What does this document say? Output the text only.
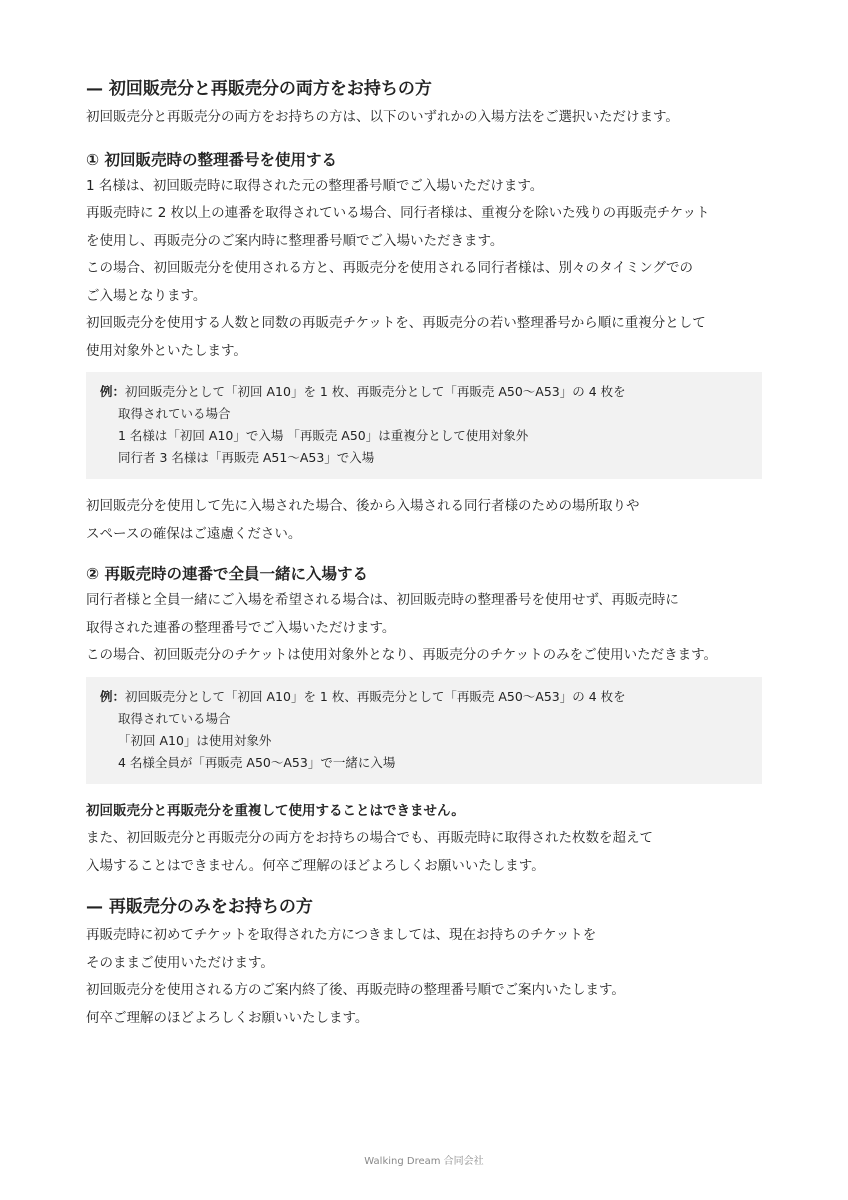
— 初回販売分と再販売分の両方をお持ちの方

初回販売分と再販売分の両方をお持ちの方は、以下のいずれかの入場方法をご選択いただけます。

① 初回販売時の整理番号を使用する

1 名様は、初回販売時に取得された元の整理番号順でご入場いただけます。

再販売時に 2 枚以上の連番を取得されている場合、同行者様は、重複分を除いた残りの再販売チケット

を使用し、再販売分のご案内時に整理番号順でご入場いただきます。

この場合、初回販売分を使用される方と、再販売分を使用される同行者様は、別々のタイミングでの

ご入場となります。

初回販売分を使用する人数と同数の再販売チケットを、再販売分の若い整理番号から順に重複分として

使用対象外といたします。

例：初回販売分として「初回 A10」を 1 枚、再販売分として「再販売 A50～A53」の 4 枚を

取得されている場合

1 名様は「初回 A10」で入場 「再販売 A50」は重複分として使用対象外

同行者 3 名様は「再販売 A51～A53」で入場

初回販売分を使用して先に入場された場合、後から入場される同行者様のための場所取りや

スペースの確保はご遠慮ください。

② 再販売時の連番で全員一緒に入場する

同行者様と全員一緒にご入場を希望される場合は、初回販売時の整理番号を使用せず、再販売時に

取得された連番の整理番号でご入場いただけます。

この場合、初回販売分のチケットは使用対象外となり、再販売分のチケットのみをご使用いただきます。

例：初回販売分として「初回 A10」を 1 枚、再販売分として「再販売 A50～A53」の 4 枚を

取得されている場合

「初回 A10」は使用対象外

4 名様全員が「再販売 A50～A53」で一緒に入場

初回販売分と再販売分を重複して使用することはできません。

また、初回販売分と再販売分の両方をお持ちの場合でも、再販売時に取得された枚数を超えて

入場することはできません。何卒ご理解のほどよろしくお願いいたします。

— 再販売分のみをお持ちの方

再販売時に初めてチケットを取得された方につきましては、現在お持ちのチケットを

そのままご使用いただけます。

初回販売分を使用される方のご案内終了後、再販売時の整理番号順でご案内いたします。

何卒ご理解のほどよろしくお願いいたします。

Walking Dream 合同会社
